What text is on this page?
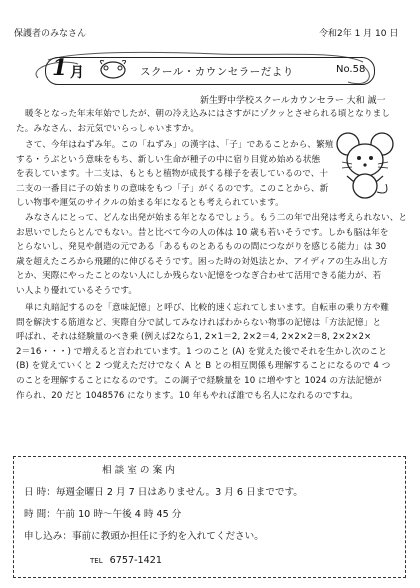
保護者のみなさん	令和2年 1 月 10 日
1 月	スクール・カウンセラーだより	No.58
新生野中学校スクールカウンセラー 大和 誠一

暖冬となった年末年始でしたが、朝の冷え込みにはさすがにゾクッとさせられる頃となりまし

た。みなさん、お元気でいらっしゃいますか。

さて、今年はねずみ年。この「ねずみ」の漢字は、「子」であることから、繁殖

する・うぶという意味をもち、新しい生命が種子の中に宿り目覚め始める状態

を表しています。十二支は、もともと植物が成長する様子を表しているので、十

二支の一番目に子の始まりの意味をもつ「子」がくるのです。このことから、新

しい物事や運気のサイクルの始まる年になるとも考えられています。

みなさんにとって、どんな出発が始まる年となるでしょう。もう二の年で出発は考えられない、と

お思いでしたらとんでもない。昔と比べて今の人の体は 10 歳も若いそうです。しかも脳は年を

とらないし、発見や創造の元である「あるものとあるものの間につながりを感じる能力」は 30

歳を超えたころから飛躍的に伸びるそうです。困った時の対処法とか、アイディアの生み出し方

とか、実際にやったことのない人にしか残らない記憶をつなぎ合わせて活用できる能力が、若

い人より優れているそうです。

単に丸暗記するのを「意味記憶」と呼び、比較的速く忘れてしまいます。自転車の乗り方や難

問を解決する筋道など、実際自分で試してみなければわからない物事の記憶は「方法記憶」と

呼ばれ、それは経験量のべき乗 (例えば2なら1, 2×1＝2, 2×2＝4, 2×2×2＝8, 2×2×2×

2＝16・・・) で増えると言われています。1 つのこと (A) を覚えた後でそれを生かし次のこと

(B) を覚えていくと 2 つ覚えただけでなく A と B との相互関係も理解することになるので 4 つ

のことを理解することになるのです。この調子で経験量を 10 に増やすと 1024 の方法記憶が

作られ、20 だと 1048576 になります。10 年もやれば誰でも名人になれるのですね。

相 談 室 の 案 内
日 時：毎週金曜日 2 月 7 日はありません。3 月 6 日までです。
時 間：午前 10 時～午後 4 時 45 分
申し込み：事前に教頭か担任に予約を入れてください。
TEL 6757-1421
